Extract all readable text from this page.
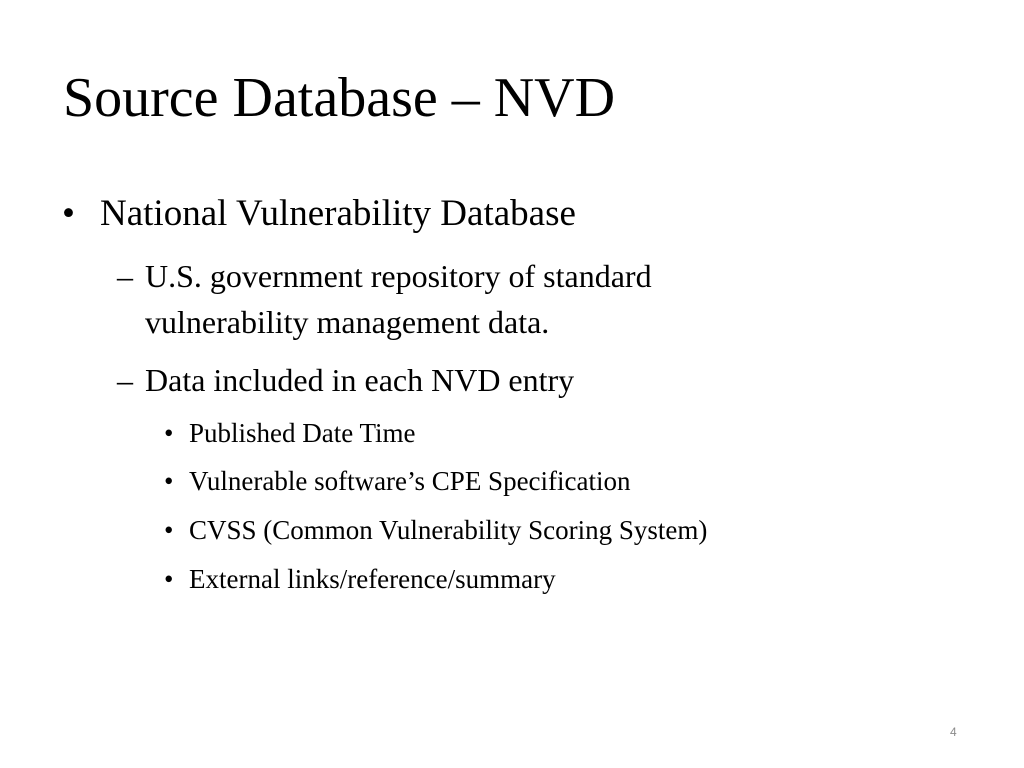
Source Database – NVD
• National Vulnerability Database
– U.S. government repository of standard
vulnerability management data.
– Data included in each NVD entry
• Published Date Time
• Vulnerable software’s CPE Specification
• CVSS (Common Vulnerability Scoring System)
• External links/reference/summary
4
